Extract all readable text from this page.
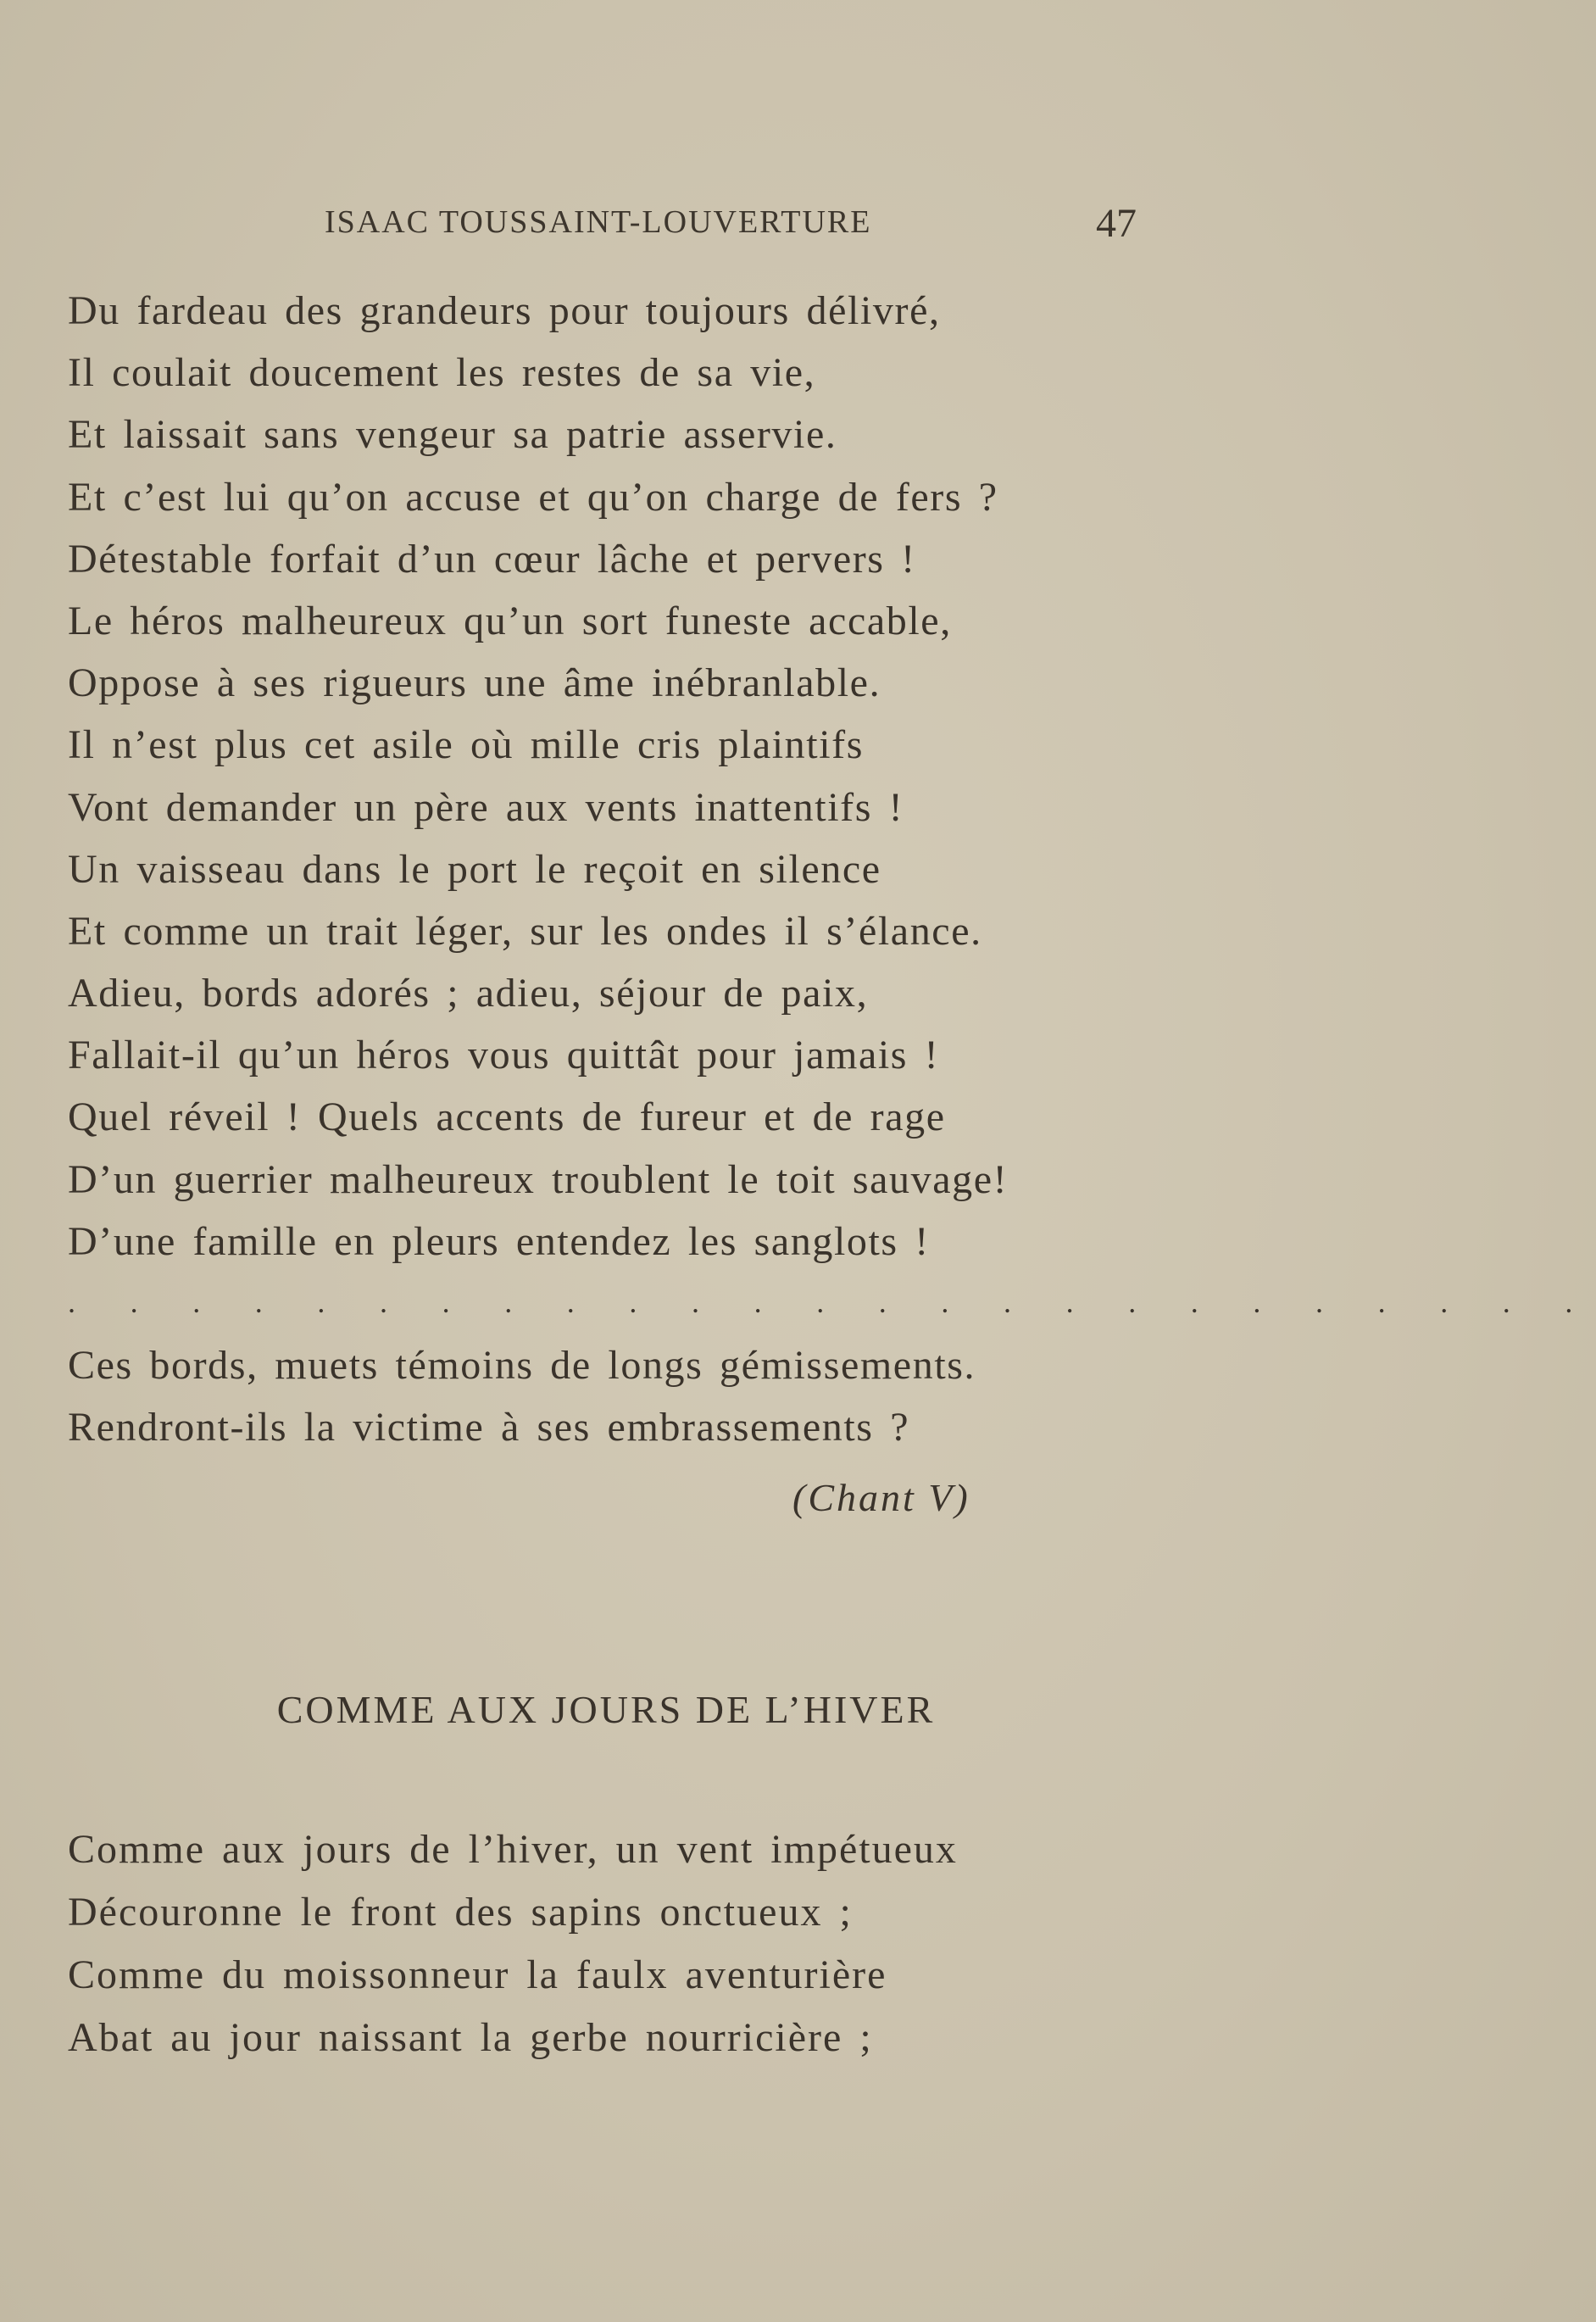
ISAAC TOUSSAINT-LOUVERTURE	47
Du fardeau des grandeurs pour toujours délivré,
Il coulait doucement les restes de sa vie,
Et laissait sans vengeur sa patrie asservie.
Et c’est lui qu’on accuse et qu’on charge de fers ?
Détestable forfait d’un cœur lâche et pervers !
Le héros malheureux qu’un sort funeste accable,
Oppose à ses rigueurs une âme inébranlable.
Il n’est plus cet asile où mille cris plaintifs
Vont demander un père aux vents inattentifs !
Un vaisseau dans le port le reçoit en silence
Et comme un trait léger, sur les ondes il s’élance.
Adieu, bords adorés ; adieu, séjour de paix,
Fallait-il qu’un héros vous quittât pour jamais !
Quel réveil ! Quels accents de fureur et de rage
D’un guerrier malheureux troublent le toit sauvage!
D’une famille en pleurs entendez les sanglots !
. . . . . . . . . . . . . . . . . . . . . . . . .
Ces bords, muets témoins de longs gémissements.
Rendront-ils la victime à ses embrassements ?
(Chant V)
COMME AUX JOURS DE L’HIVER
Comme aux jours de l’hiver, un vent impétueux
Découronne le front des sapins onctueux ;
Comme du moissonneur la faulx aventurière
Abat au jour naissant la gerbe nourricière ;
